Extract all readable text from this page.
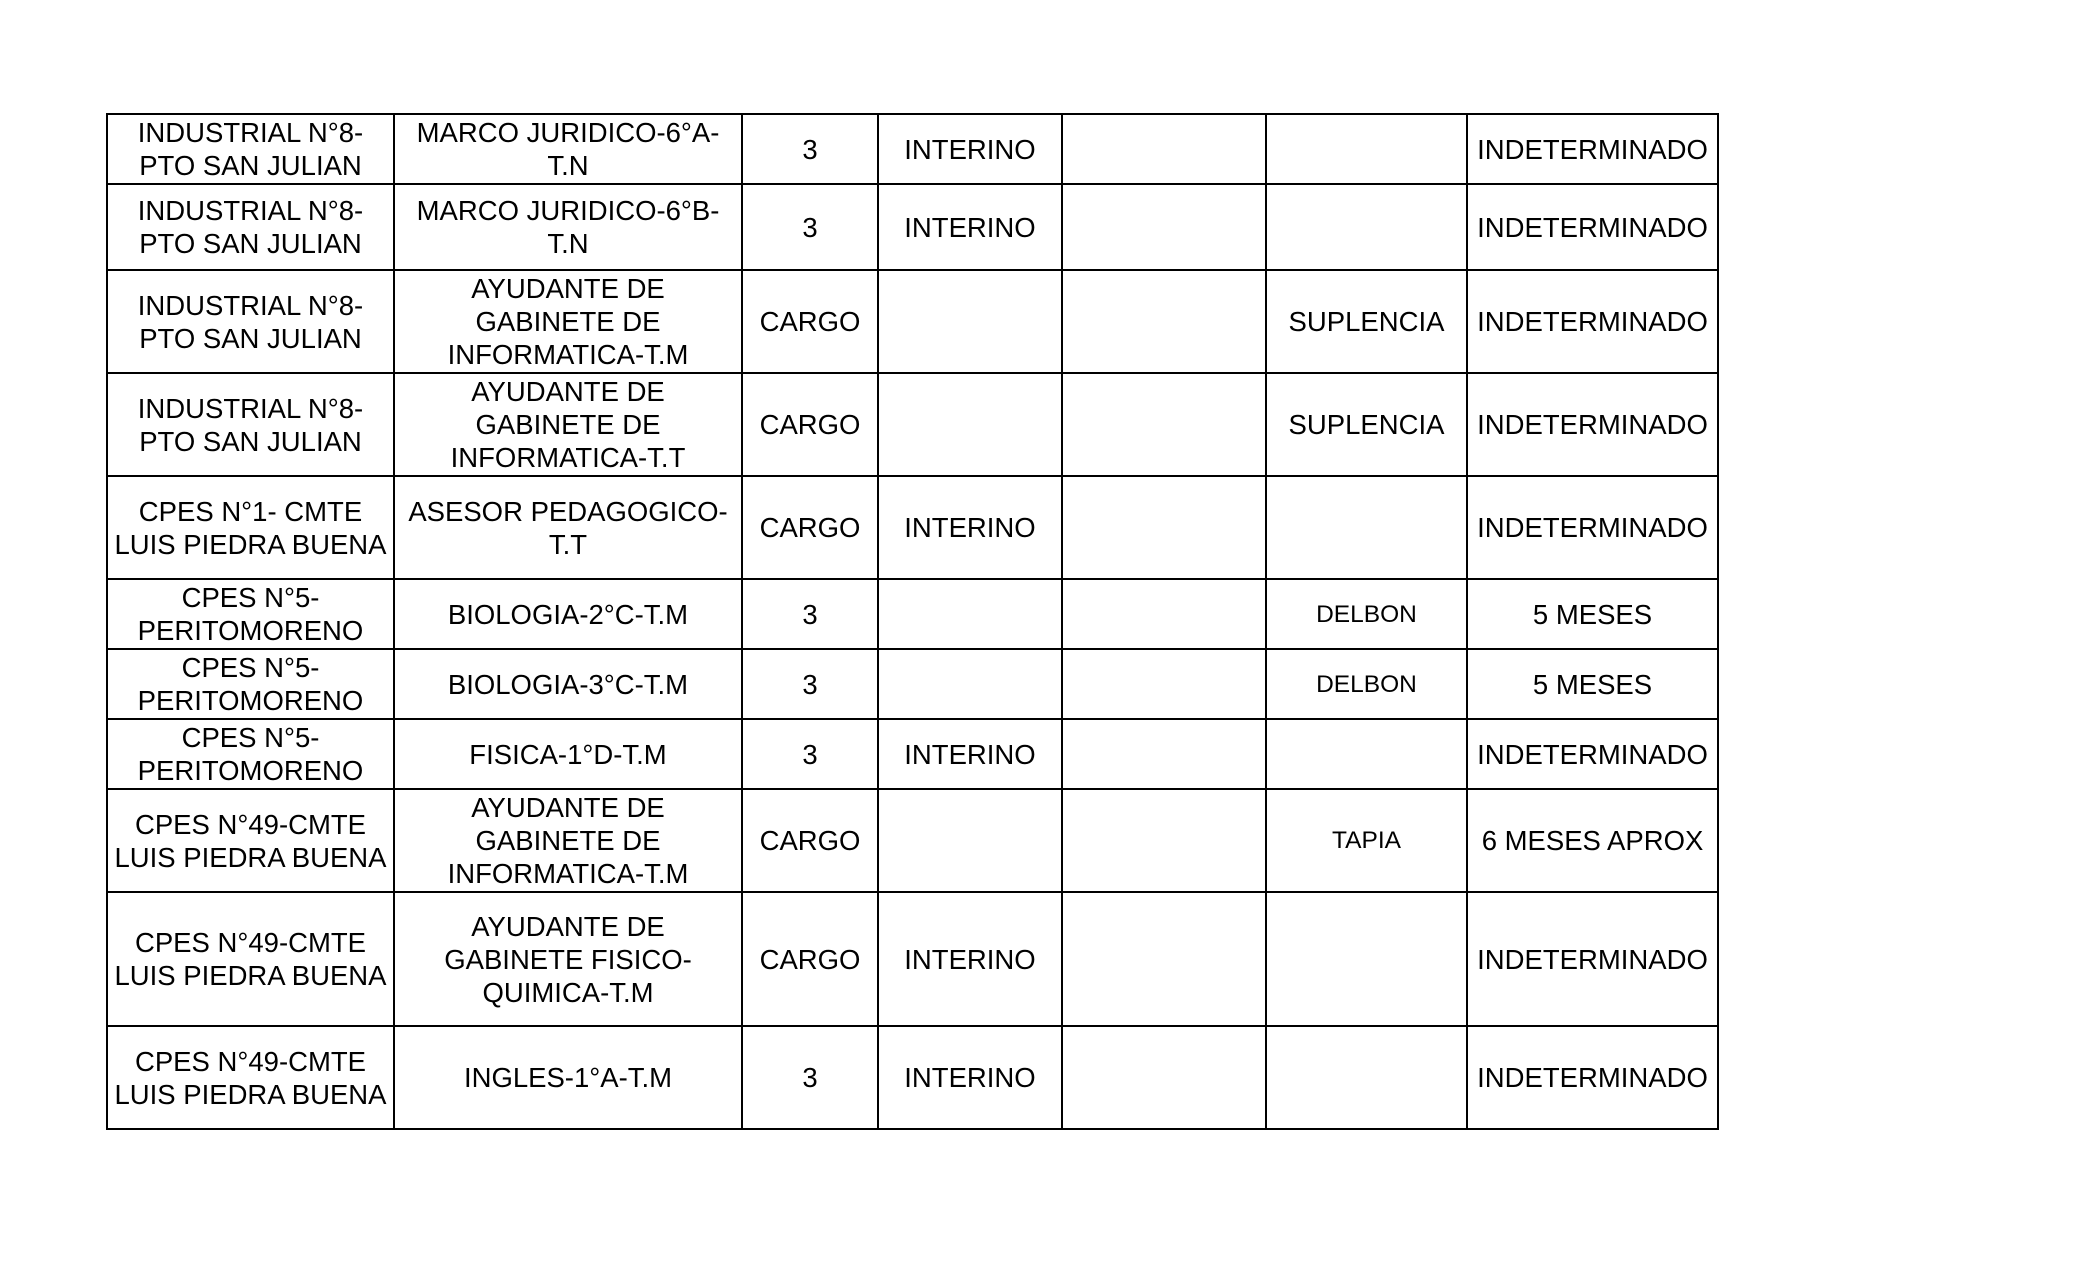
INDUSTRIAL N°8-PTO SAN JULIAN	MARCO JURIDICO-6°A-T.N	3	INTERINO			INDETERMINADO

INDUSTRIAL N°8-PTO SAN JULIAN	MARCO JURIDICO-6°B-T.N	3	INTERINO			INDETERMINADO

INDUSTRIAL N°8-PTO SAN JULIAN	AYUDANTE DE GABINETE DE INFORMATICA-T.M	CARGO			SUPLENCIA	INDETERMINADO

INDUSTRIAL N°8-PTO SAN JULIAN	AYUDANTE DE GABINETE DE INFORMATICA-T.T	CARGO			SUPLENCIA	INDETERMINADO

CPES N°1- CMTE LUIS PIEDRA BUENA	ASESOR PEDAGOGICO-T.T	CARGO	INTERINO			INDETERMINADO

CPES N°5-PERITOMORENO	BIOLOGIA-2°C-T.M	3			DELBON	5 MESES

CPES N°5-PERITOMORENO	BIOLOGIA-3°C-T.M	3			DELBON	5 MESES

CPES N°5-PERITOMORENO	FISICA-1°D-T.M	3	INTERINO			INDETERMINADO

CPES N°49-CMTE LUIS PIEDRA BUENA	AYUDANTE DE GABINETE DE INFORMATICA-T.M	CARGO			TAPIA	6 MESES APROX

CPES N°49-CMTE LUIS PIEDRA BUENA	AYUDANTE DE GABINETE FISICO-QUIMICA-T.M	CARGO	INTERINO			INDETERMINADO

CPES N°49-CMTE LUIS PIEDRA BUENA	INGLES-1°A-T.M	3	INTERINO			INDETERMINADO
